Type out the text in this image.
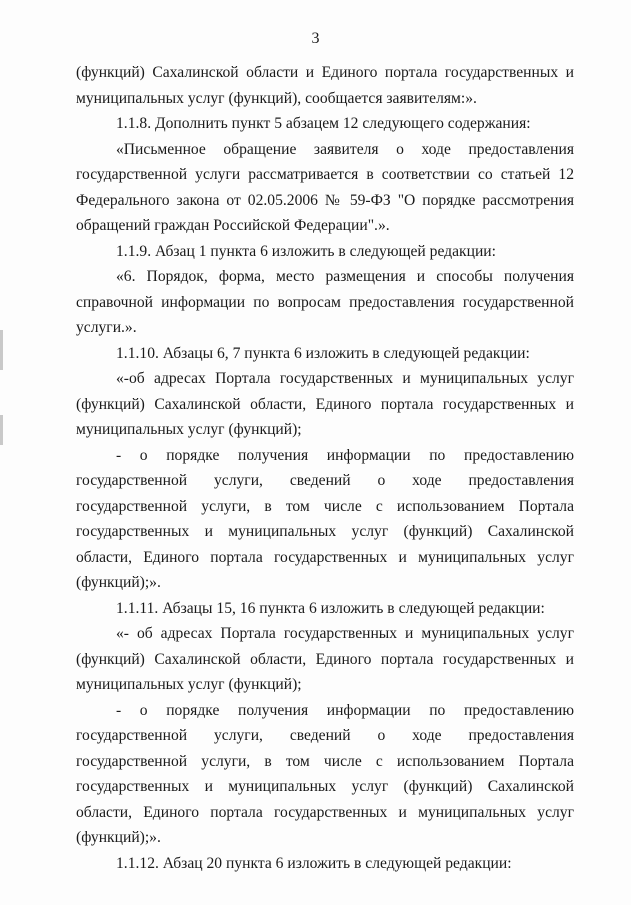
3

(функций) Сахалинской области и Единого портала государственных и муниципальных услуг (функций), сообщается заявителям:».

1.1.8. Дополнить пункт 5 абзацем 12 следующего содержания:

«Письменное обращение заявителя о ходе предоставления государственной услуги рассматривается в соответствии со статьей 12 Федерального закона от 02.05.2006 № 59-ФЗ "О порядке рассмотрения обращений граждан Российской Федерации".».

1.1.9. Абзац 1 пункта 6 изложить в следующей редакции:

«6. Порядок, форма, место размещения и способы получения справочной информации по вопросам предоставления государственной услуги.».

1.1.10. Абзацы 6, 7 пункта 6 изложить в следующей редакции:

«-об адресах Портала государственных и муниципальных услуг (функций) Сахалинской области, Единого портала государственных и муниципальных услуг (функций);

- о порядке получения информации по предоставлению государственной услуги, сведений о ходе предоставления государственной услуги, в том числе с использованием Портала государственных и муниципальных услуг (функций) Сахалинской области, Единого портала государственных и муниципальных услуг (функций);».

1.1.11. Абзацы 15, 16 пункта 6 изложить в следующей редакции:

«- об адресах Портала государственных и муниципальных услуг (функций) Сахалинской области, Единого портала государственных и муниципальных услуг (функций);

- о порядке получения информации по предоставлению государственной услуги, сведений о ходе предоставления государственной услуги, в том числе с использованием Портала государственных и муниципальных услуг (функций) Сахалинской области, Единого портала государственных и муниципальных услуг (функций);».

1.1.12. Абзац 20 пункта 6 изложить в следующей редакции:
